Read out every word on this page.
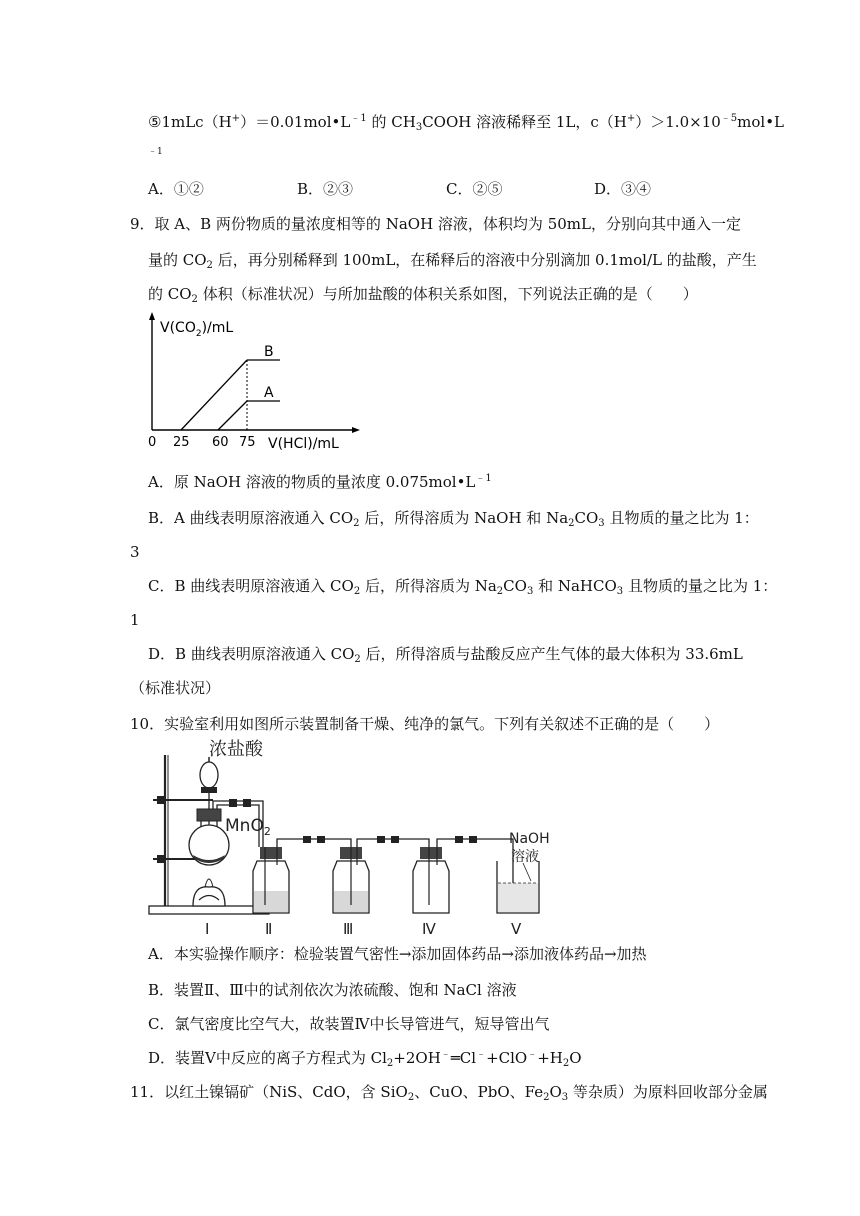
$⑤1mLc(H^+)=0.01mol•L^{﹣1}$ 的 $CH_3COOH$ 溶液稀释至 1L，$c(H^+)>1.0\times 10^{﹣5}mol•L$
﹣1
A．①②	B．②③	C．②⑤	D．③④
9．取 A、B 两份物质的量浓度相等的 NaOH 溶液，体积均为 50mL，分别向其中通入一定
量的 $CO_2$ 后，再分别稀释到 100mL，在稀释后的溶液中分别滴加 0.1mol/L 的盐酸，产生
的 $CO_2$ 体积（标准状况）与所加盐酸的体积关系如图，下列说法正确的是（　　）
$V(CO_2)/mL$
B
A
0 25 60 75 V(HCl)/mL
A．原 NaOH 溶液的物质的量浓度 $0.075mol•L^{﹣1}$
B．A 曲线表明原溶液通入 $CO_2$ 后，所得溶质为 NaOH 和 $Na_2CO_3$ 且物质的量之比为 1：
3
C．B 曲线表明原溶液通入 $CO_2$ 后，所得溶质为 $Na_2CO_3$ 和 NaHCO$_3$ 且物质的量之比为 1：
1
D．B 曲线表明原溶液通入 $CO_2$ 后，所得溶质与盐酸反应产生气体的最大体积为 33.6mL
（标准状况）
10．实验室利用如图所示装置制备干燥、纯净的氯气。下列有关叙述不正确的是（　　）
浓盐酸
MnO$_2$	NaOH
溶液
Ⅰ	Ⅱ	Ⅲ	Ⅳ	Ⅴ
A．本实验操作顺序：检验装置气密性→添加固体药品→添加液体药品→加热
B．装置Ⅱ、Ⅲ中的试剂依次为浓硫酸、饱和 NaCl 溶液
C．氯气密度比空气大，故装置Ⅳ中长导管进气，短导管出气
D．装置Ⅴ中反应的离子方程式为 $Cl_2+2OH^﹣═Cl^﹣+ClO^﹣+H_2O$
11．以红土镍镉矿（NiS、CdO，含 SiO$_2$、CuO、PbO、$Fe_2O_3$ 等杂质）为原料回收部分金属
